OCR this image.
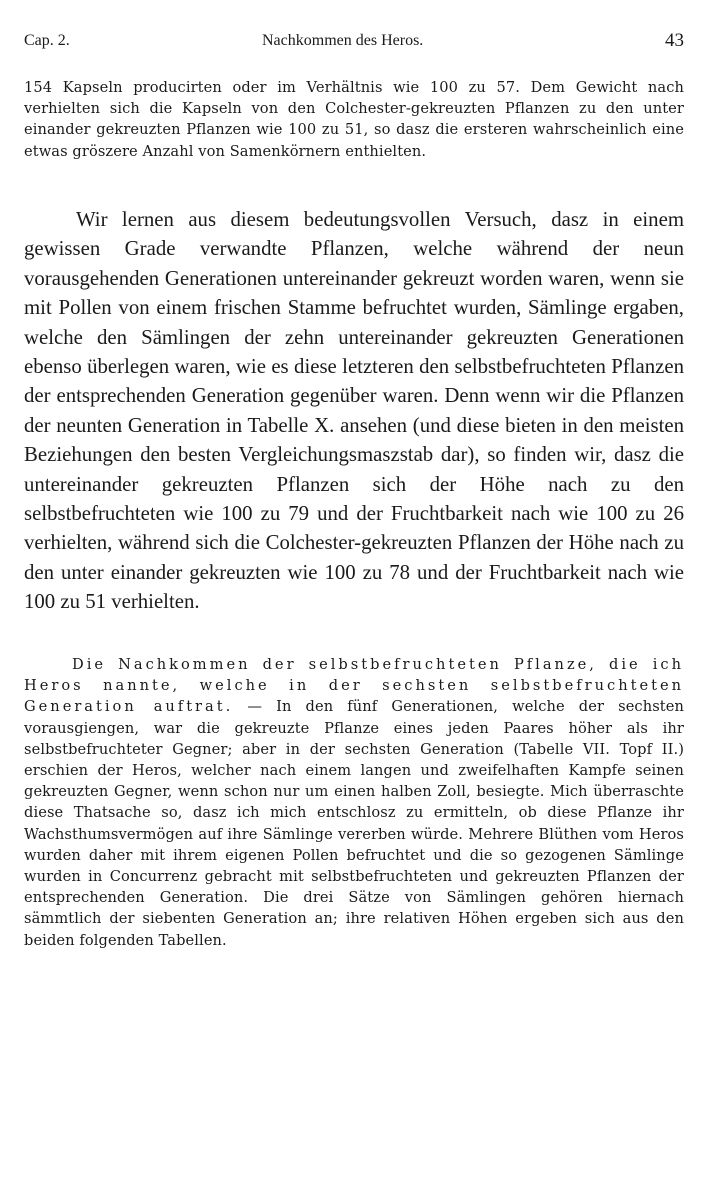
Cap. 2.	Nachkommen des Heros.	43

154 Kapseln producirten oder im Verhältnis wie 100 zu 57. Dem Gewicht nach verhielten sich die Kapseln von den Colchester-gekreuzten Pflanzen zu den unter einander gekreuzten Pflanzen wie 100 zu 51, so dasz die ersteren wahrscheinlich eine etwas gröszere Anzahl von Samenkörnern enthielten.

Wir lernen aus diesem bedeutungsvollen Versuch, dasz in einem gewissen Grade verwandte Pflanzen, welche während der neun vorausgehenden Generationen untereinander gekreuzt worden waren, wenn sie mit Pollen von einem frischen Stamme befruchtet wurden, Sämlinge ergaben, welche den Sämlingen der zehn untereinander gekreuzten Generationen ebenso überlegen waren, wie es diese letzteren den selbstbefruchteten Pflanzen der entsprechenden Generation gegenüber waren. Denn wenn wir die Pflanzen der neunten Generation in Tabelle X. ansehen (und diese bieten in den meisten Beziehungen den besten Vergleichungsmaszstab dar), so finden wir, dasz die untereinander gekreuzten Pflanzen sich der Höhe nach zu den selbstbefruchteten wie 100 zu 79 und der Fruchtbarkeit nach wie 100 zu 26 verhielten, während sich die Colchester-gekreuzten Pflanzen der Höhe nach zu den unter einander gekreuzten wie 100 zu 78 und der Fruchtbarkeit nach wie 100 zu 51 verhielten.

Die Nachkommen der selbstbefruchteten Pflanze, die ich Heros nannte, welche in der sechsten selbstbefruchteten Generation auftrat. — In den fünf Generationen, welche der sechsten vorausgiengen, war die gekreuzte Pflanze eines jeden Paares höher als ihr selbstbefruchteter Gegner; aber in der sechsten Generation (Tabelle VII. Topf II.) erschien der Heros, welcher nach einem langen und zweifelhaften Kampfe seinen gekreuzten Gegner, wenn schon nur um einen halben Zoll, besiegte. Mich überraschte diese Thatsache so, dasz ich mich entschlosz zu ermitteln, ob diese Pflanze ihr Wachsthumsvermögen auf ihre Sämlinge vererben würde. Mehrere Blüthen vom Heros wurden daher mit ihrem eigenen Pollen befruchtet und die so gezogenen Sämlinge wurden in Concurrenz gebracht mit selbstbefruchteten und gekreuzten Pflanzen der entsprechenden Generation. Die drei Sätze von Sämlingen gehören hiernach sämmtlich der siebenten Generation an; ihre relativen Höhen ergeben sich aus den beiden folgenden Tabellen.
